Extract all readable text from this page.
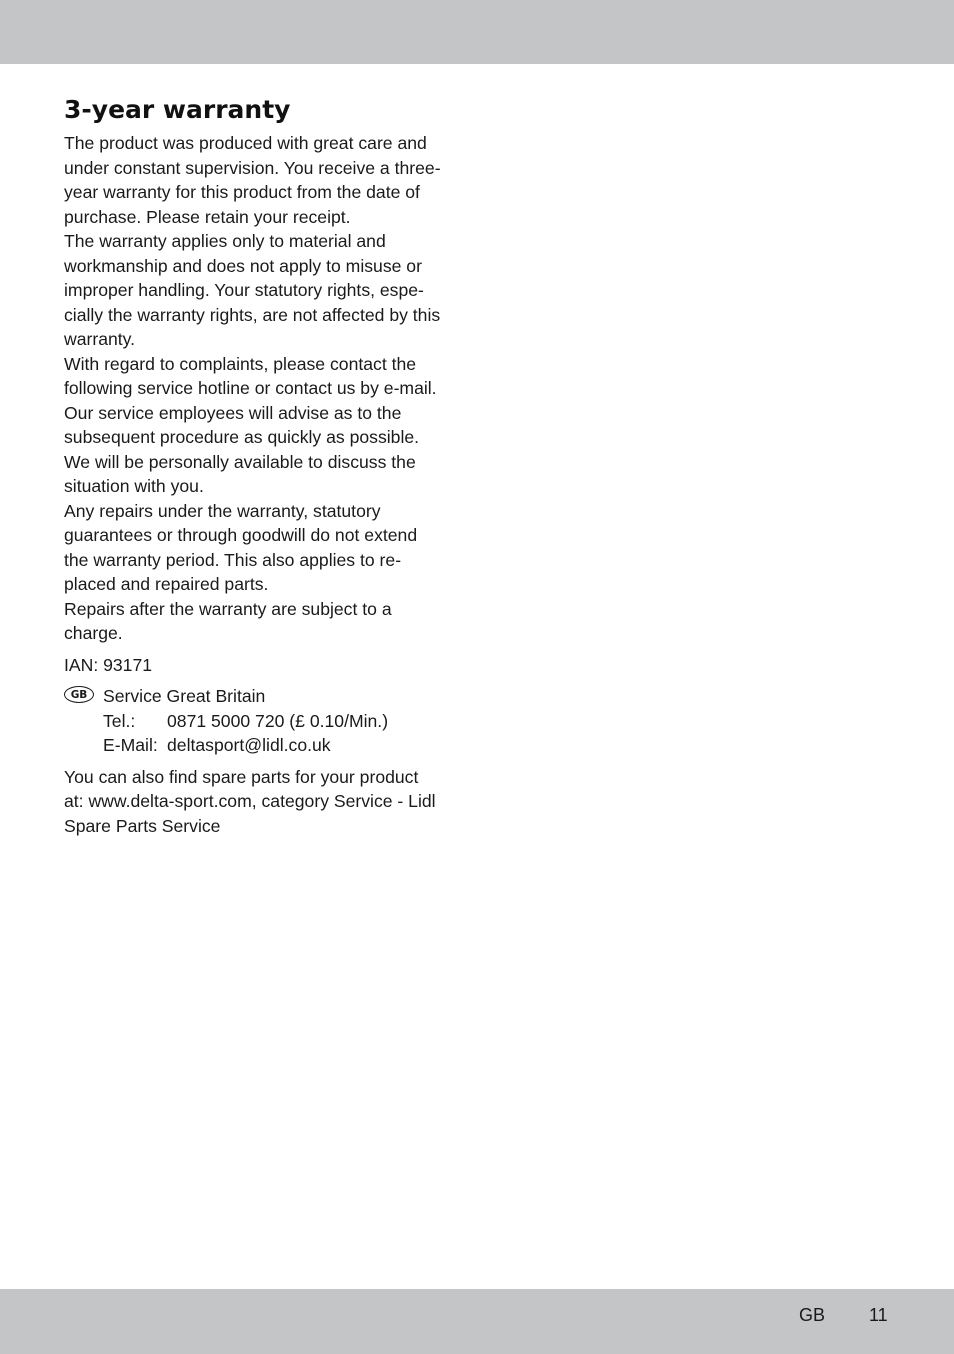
3-year warranty

The product was produced with great care and

under constant supervision. You receive a three-

year warranty for this product from the date of

purchase. Please retain your receipt.

The warranty applies only to material and

workmanship and does not apply to misuse or

improper handling. Your statutory rights, espe-

cially the warranty rights, are not affected by this

warranty.

With regard to complaints, please contact the

following service hotline or contact us by e-mail.

Our service employees will advise as to the

subsequent procedure as quickly as possible.

We will be personally available to discuss the

situation with you.

Any repairs under the warranty, statutory

guarantees or through goodwill do not extend

the warranty period. This also applies to re-

placed and repaired parts.

Repairs after the warranty are subject to a

charge.

IAN: 93171
GB Service Great Britain
Tel.:	0871 5000 720 (£ 0.10/Min.)
E-Mail: deltasport@lidl.co.uk
You can also find spare parts for your product
at: www.delta-sport.com, category Service - Lidl
Spare Parts Service
GB 11
